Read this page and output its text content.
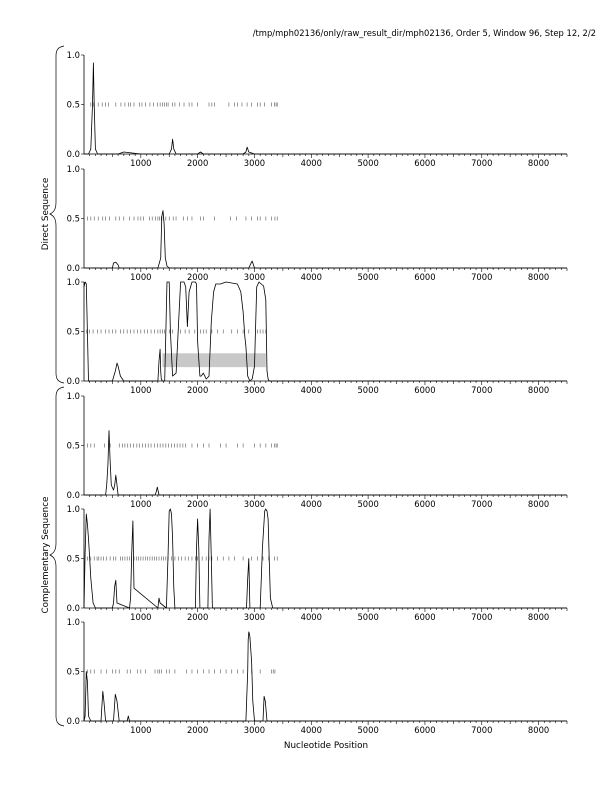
/tmp/mph02136/only/raw_result_dir/mph02136, Order 5, Window 96, Step 12, 2/2
Direct Sequence
Complementary Sequence
0.0
0.5
1.0
1000	2000	3000	4000	5000	6000	7000	8000
0.0
0.5
1.0
1000	2000	3000	4000	5000	6000	7000	8000
0.0
0.5
1.0
1000	2000	3000	4000	5000	6000	7000	8000
0.0
0.5
1.0
1000	2000	3000	4000	5000	6000	7000	8000
0.0
0.5
1.0
1000	2000	3000	4000	5000	6000	7000	8000
0.0
0.5
1.0
1000	2000	3000	4000	5000	6000	7000	8000
Nucleotide Position
